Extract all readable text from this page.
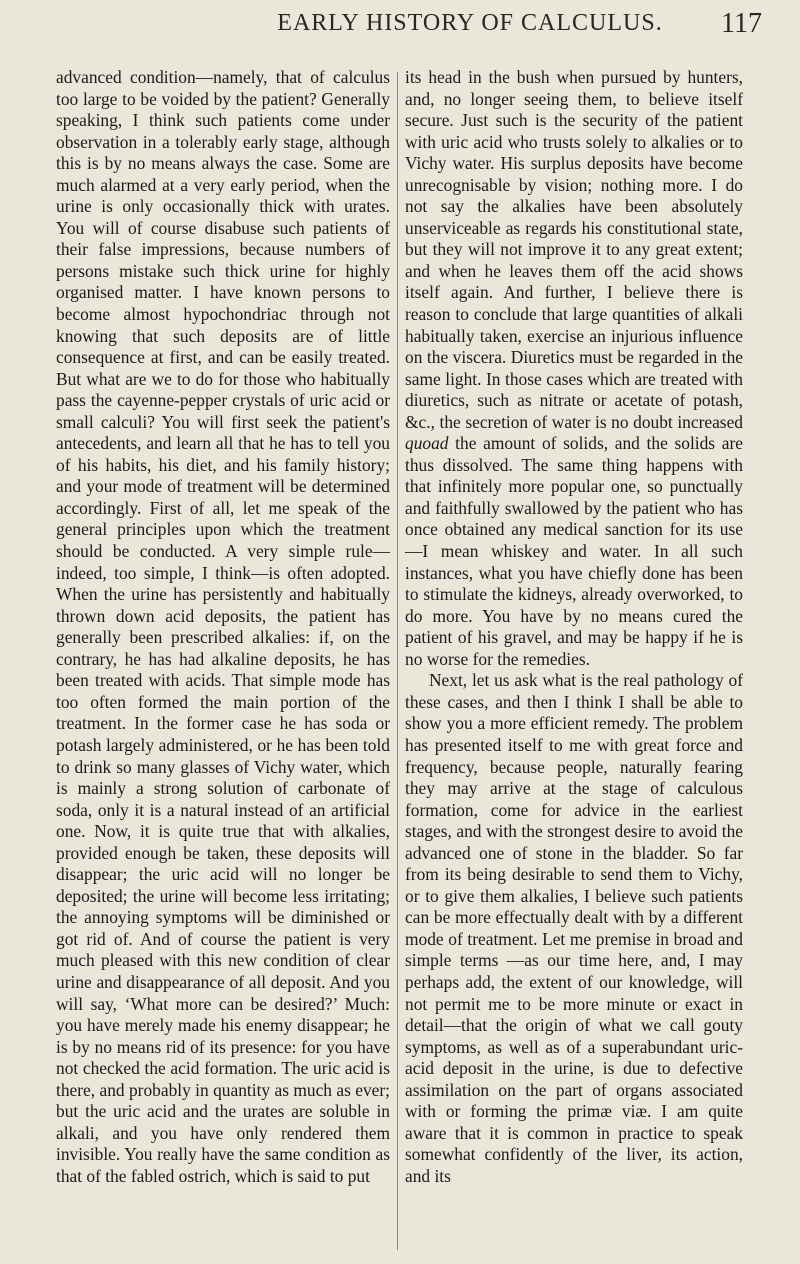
EARLY HISTORY OF CALCULUS.	117

advanced condition—namely, that of calculus too large to be voided by the patient? Generally speaking, I think such patients come under observation in a tolerably early stage, although this is by no means always the case. Some are much alarmed at a very early period, when the urine is only occasionally thick with urates. You will of course disabuse such patients of their false impressions, because numbers of persons mistake such thick urine for highly organised matter. I have known persons to become almost hypochondriac through not knowing that such deposits are of little consequence at first, and can be easily treated. But what are we to do for those who habitually pass the cayenne-pepper crystals of uric acid or small calculi? You will first seek the patient's antecedents, and learn all that he has to tell you of his habits, his diet, and his family history; and your mode of treatment will be determined accordingly. First of all, let me speak of the general principles upon which the treatment should be conducted. A very simple rule—indeed, too simple, I think—is often adopted. When the urine has persistently and habitually thrown down acid deposits, the patient has generally been prescribed alkalies: if, on the contrary, he has had alkaline deposits, he has been treated with acids. That simple mode has too often formed the main portion of the treatment. In the former case he has soda or potash largely administered, or he has been told to drink so many glasses of Vichy water, which is mainly a strong solution of carbonate of soda, only it is a natural instead of an artificial one. Now, it is quite true that with alkalies, provided enough be taken, these deposits will disappear; the uric acid will no longer be deposited; the urine will become less irritating; the annoying symptoms will be diminished or got rid of. And of course the patient is very much pleased with this new condition of clear urine and disappearance of all deposit. And you will say, ‘What more can be desired?’ Much: you have merely made his enemy disappear; he is by no means rid of its presence: for you have not checked the acid formation. The uric acid is there, and probably in quantity as much as ever; but the uric acid and the urates are soluble in alkali, and you have only rendered them invisible. You really have the same condition as that of the fabled ostrich, which is said to put

its head in the bush when pursued by hunters, and, no longer seeing them, to believe itself secure. Just such is the security of the patient with uric acid who trusts solely to alkalies or to Vichy water. His surplus deposits have become unrecognisable by vision; nothing more. I do not say the alkalies have been absolutely unserviceable as regards his constitutional state, but they will not improve it to any great extent; and when he leaves them off the acid shows itself again. And further, I believe there is reason to conclude that large quantities of alkali habitually taken, exercise an injurious influence on the viscera. Diuretics must be regarded in the same light. In those cases which are treated with diuretics, such as nitrate or acetate of potash, &c., the secretion of water is no doubt increased quoad the amount of solids, and the solids are thus dissolved. The same thing happens with that infinitely more popular one, so punctually and faithfully swallowed by the patient who has once obtained any medical sanction for its use—I mean whiskey and water. In all such instances, what you have chiefly done has been to stimulate the kidneys, already overworked, to do more. You have by no means cured the patient of his gravel, and may be happy if he is no worse for the remedies.

Next, let us ask what is the real pathology of these cases, and then I think I shall be able to show you a more efficient remedy. The problem has presented itself to me with great force and frequency, because people, naturally fearing they may arrive at the stage of calculous formation, come for advice in the earliest stages, and with the strongest desire to avoid the advanced one of stone in the bladder. So far from its being desirable to send them to Vichy, or to give them alkalies, I believe such patients can be more effectually dealt with by a different mode of treatment. Let me premise in broad and simple terms —as our time here, and, I may perhaps add, the extent of our knowledge, will not permit me to be more minute or exact in detail—that the origin of what we call gouty symptoms, as well as of a superabundant uric-acid deposit in the urine, is due to defective assimilation on the part of organs associated with or forming the primæ viæ. I am quite aware that it is common in practice to speak somewhat confidently of the liver, its action, and its
